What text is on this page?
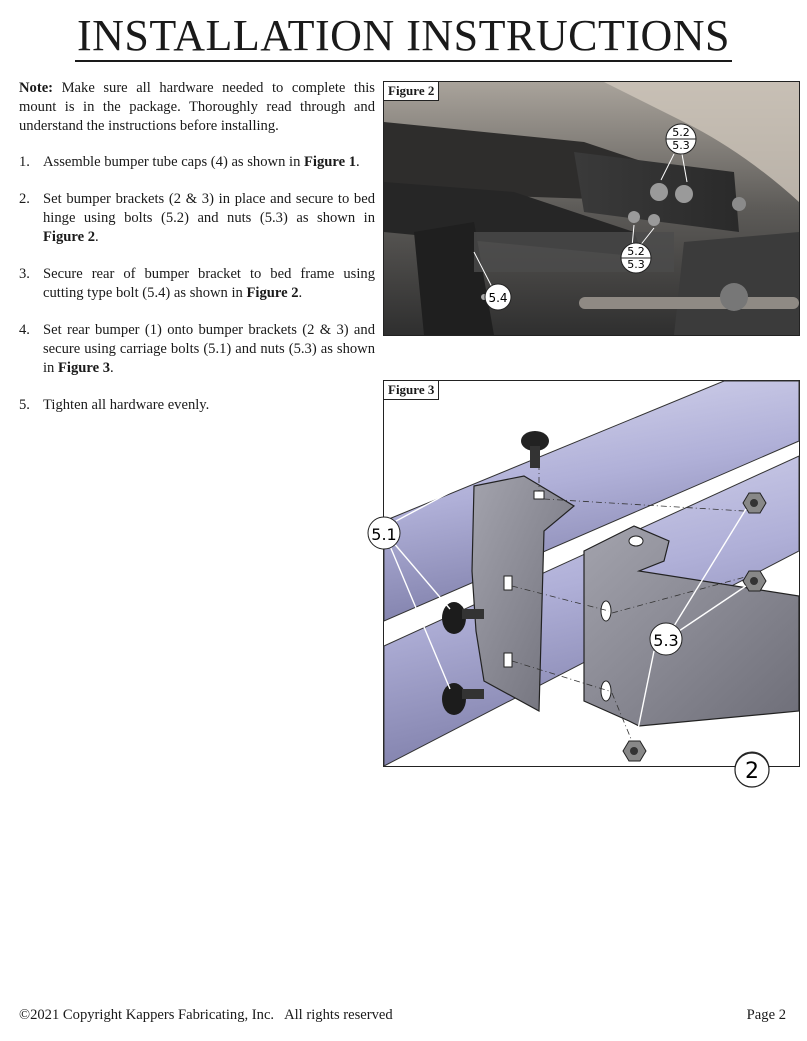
INSTALLATION INSTRUCTIONS

Note: Make sure all hardware needed to complete this mount is in the package. Thoroughly read through and understand the instructions before installing.

1. Assemble bumper tube caps (4) as shown in Figure 1.
2. Set bumper brackets (2 & 3) in place and secure to bed hinge using bolts (5.2) and nuts (5.3) as shown in Figure 2.
3. Secure rear of bumper bracket to bed frame using cutting type bolt (5.4) as shown in Figure 2.
4. Set rear bumper (1) onto bumper brackets (2 & 3) and secure using carriage bolts (5.1) and nuts (5.3) as shown in Figure 3.
5. Tighten all hardware evenly.
Figure 2
5.2
5.3
5.2
5.3
5.4
Figure 3
5.1
5.3
2
©2021 Copyright Kappers Fabricating, Inc. All rights reserved	Page 2
